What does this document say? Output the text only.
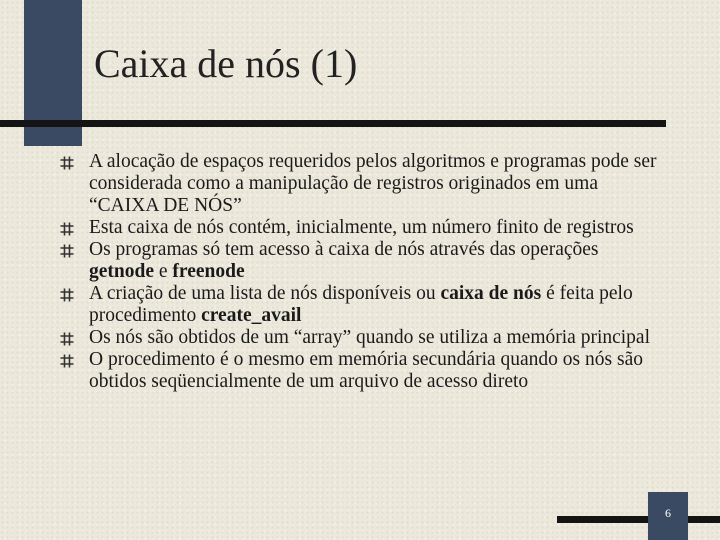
Caixa de nós (1)
A alocação de espaços requeridos pelos algoritmos e programas pode ser considerada como a manipulação de registros originados em uma “CAIXA DE NÓS”
Esta caixa de nós contém, inicialmente, um número finito de registros
Os programas só tem acesso à caixa de nós através das operações getnode e freenode
A criação de uma lista de nós disponíveis ou caixa de nós é feita pelo procedimento create_avail
Os nós são obtidos de um “array” quando se utiliza a memória principal
O procedimento é o mesmo em memória secundária quando os nós são obtidos seqüencialmente de um arquivo de acesso direto
6
